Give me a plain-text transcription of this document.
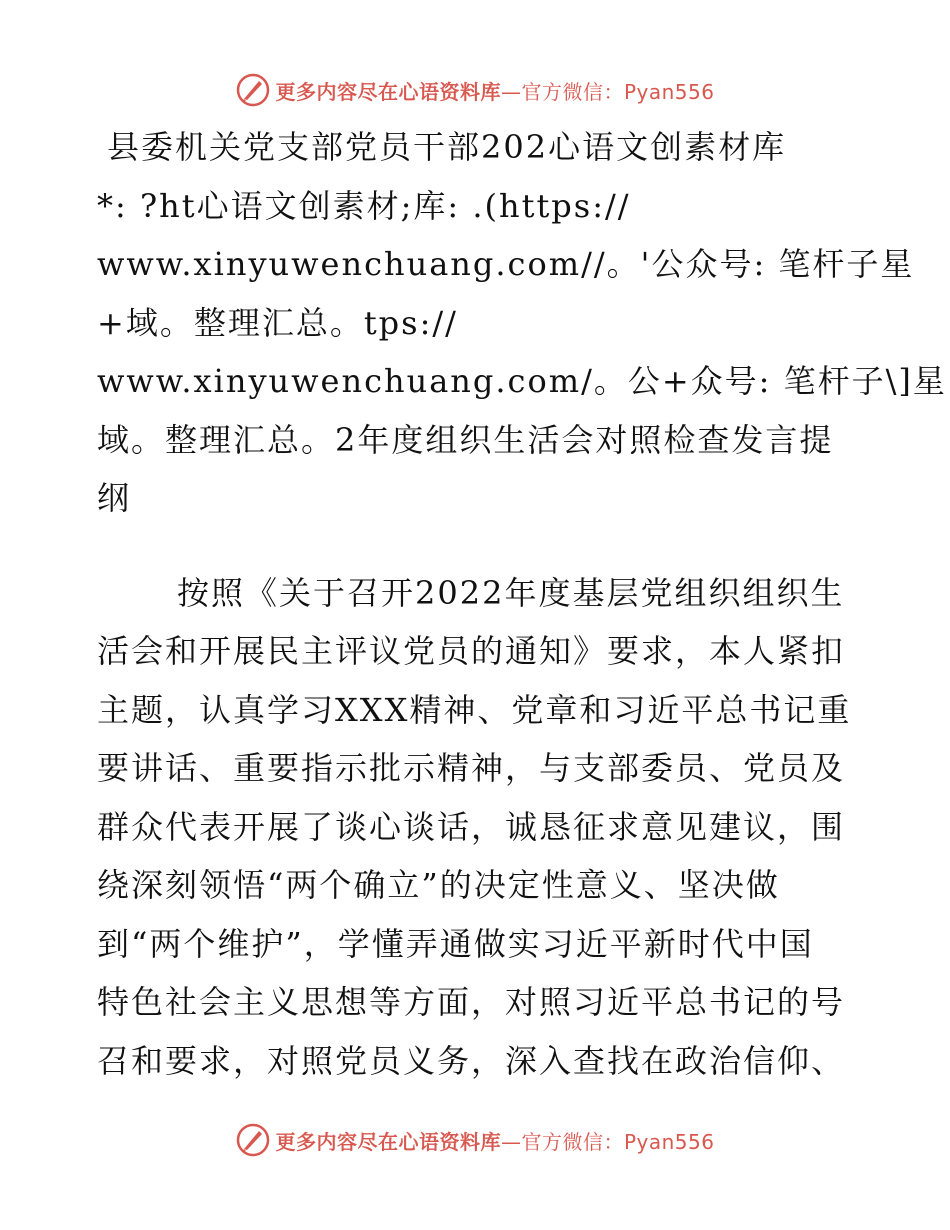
更多内容尽在心语资料库—官方微信：Pyan556
县委机关党支部党员干部202心语文创素材库
*: ?ht心语文创素材;库: .(https://
www.xinyuwenchuang.com//。'公众号: 笔杆子星
+域。整理汇总。tps://
www.xinyuwenchuang.com/。公+众号: 笔杆子\]星
域。整理汇总。2年度组织生活会对照检查发言提
纲
按照《关于召开2022年度基层党组织组织生
活会和开展民主评议党员的通知》要求，本人紧扣
主题，认真学习XXX精神、党章和习近平总书记重
要讲话、重要指示批示精神，与支部委员、党员及
群众代表开展了谈心谈话，诚恳征求意见建议，围
绕深刻领悟“两个确立”的决定性意义、坚决做
到“两个维护”，学懂弄通做实习近平新时代中国
特色社会主义思想等方面，对照习近平总书记的号
召和要求，对照党员义务，深入查找在政治信仰、
更多内容尽在心语资料库—官方微信：Pyan556
